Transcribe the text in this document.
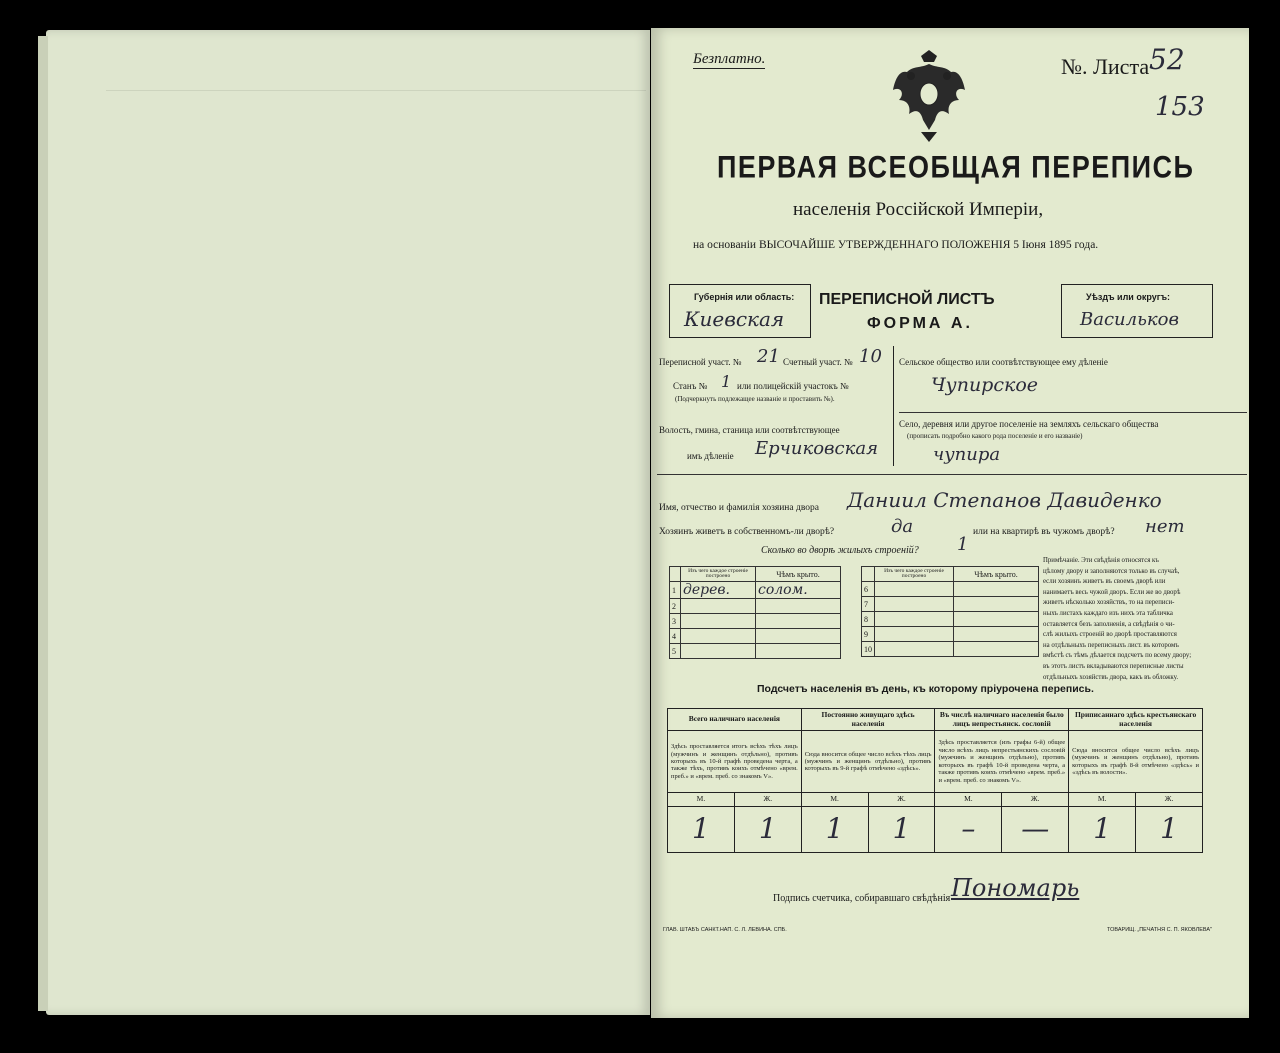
Безплатно.	№. Листа 52
153
ПЕРВАЯ ВСЕОБЩАЯ ПЕРЕПИСЬ
населенія Россійской Имперіи,
на основаніи ВЫСОЧАЙШЕ УТВЕРЖДЕННАГО ПОЛОЖЕНІЯ 5 Іюня 1895 года.
Губернія или область:
Киевская
ПЕРЕПИСНОЙ ЛИСТЪ
ФОРМА А.
Уѣздъ или округъ:
Васильков
Переписной участ. № 21 Счетный участ. № 10
Станъ № 1 или полицейскій участокъ №
(Подчеркнуть подлежащее названіе и проставить №).
Волость, гмина, станица или соотвѣтствующее
имъ дѣленіе Ерчиковская
Сельское общество или соотвѣтствующее ему дѣленіе
Чупирское
Село, деревня или другое поселеніе на земляхъ сельскаго общества
(прописать подробно какого рода поселеніе и его названіе)
чупира
Имя, отчество и фамилія хозяина двора Даниил Степанов Давиденко
Хозяинъ живетъ в собственномъ-ли дворѣ?	да	или на квартирѣ въ чужомъ дворѣ? нет
Сколько во дворѣ жилыхъ строеній? 1
	Изъ чего каждое строеніе построено	Чѣмъ крыто.
1	дерев.	солом.
2		
3		
4		
5		
	Изъ чего каждое строеніе построено	Чѣмъ крыто.
6		
7		
8		
9		
10		
Примѣчаніе. Эти свѣдѣнія относятся къ
цѣлому двору и заполняются только въ случаѣ,
если хозяинъ живетъ въ своемъ дворѣ или
нанимаетъ весь чужой дворъ. Если же во дворѣ
живетъ нѣсколько хозяйствъ, то на переписи-
ныхъ листахъ каждаго изъ нихъ эта табличка
оставляется безъ заполненія, а свѣдѣнія о чи-
слѣ жилыхъ строеній во дворѣ проставляются
на отдѣльныхъ переписныхъ лист. въ которомъ
вмѣстѣ съ тѣмъ дѣлается подсчетъ по всему двору;
въ этотъ листъ вкладываются переписные листы
отдѣльныхъ хозяйствъ двора, какъ въ обложку.
Подсчетъ населенія въ день, къ которому пріурочена перепись.
Всего наличнаго населенія		Постоянно живущаго здѣсь населенія		Въ числѣ наличнаго населенія было лицъ непрестьянск. сословій		Приписаннаго здѣсь крестьянскаго населенія	
Здѣсь проставляется итогъ всѣхъ тѣхъ лицъ (мужчинъ и женщинъ отдѣльно), противъ которыхъ въ 10-й графѣ проведена черта, а также тѣхъ, противъ коихъ отмѣчено «врем. преб.» и «врем. преб. со знакомъ V».		Сюда вносится общее число всѣхъ тѣхъ лицъ (мужчинъ и женщинъ отдѣльно), противъ которыхъ въ 9-й графѣ отмѣчено «здѣсь».		Здѣсь проставляется (изъ графы 6-й) общее число всѣхъ лицъ непрестьянскихъ сословій (мужчинъ и женщинъ отдѣльно), противъ которыхъ въ графѣ 10-й проведена черта, а также противъ коихъ отмѣчено «врем. преб.» и «врем. преб. со знакомъ V».		Сюда вносится общее число всѣхъ лицъ (мужчинъ и женщинъ отдѣльно), противъ которыхъ въ графѣ 8-й отмѣчено «здѣсь» и «здѣсь въ волости».	
М.	Ж.	М.	Ж.	М.	Ж.	М.	Ж.
1	1	1	1	–	—	1	1
Подпись счетчика, собиравшаго свѣдѣнія Пономарь
ГЛАВ. ШТАБЪ САНКТ.НАП. С. Л. ЛЕВИНА. СПБ.	ТОВАРИЩ. „ПЕЧАТНЯ С. П. ЯКОВЛЕВА"
